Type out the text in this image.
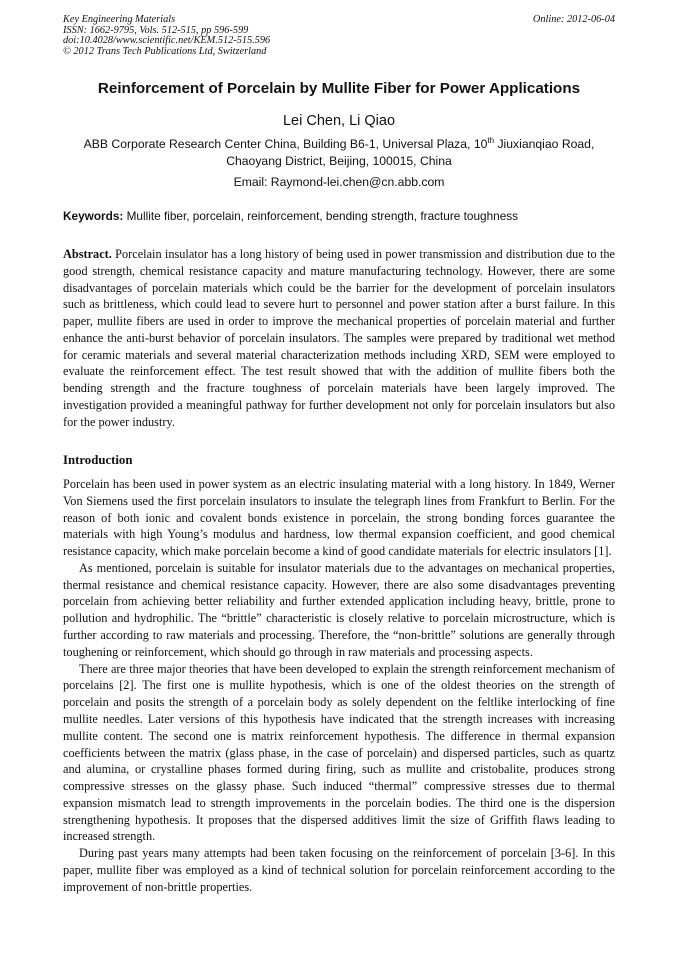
Key Engineering Materials
ISSN: 1662-9795, Vols. 512-515, pp 596-599
doi:10.4028/www.scientific.net/KEM.512-515.596
© 2012 Trans Tech Publications Ltd, Switzerland
Online: 2012-06-04
Reinforcement of Porcelain by Mullite Fiber for Power Applications
Lei Chen, Li Qiao
ABB Corporate Research Center China, Building B6-1, Universal Plaza, 10th Jiuxianqiao Road,
Chaoyang District, Beijing, 100015, China
Email: Raymond-lei.chen@cn.abb.com
Keywords: Mullite fiber, porcelain, reinforcement, bending strength, fracture toughness
Abstract. Porcelain insulator has a long history of being used in power transmission and distribution due to the good strength, chemical resistance capacity and mature manufacturing technology. However, there are some disadvantages of porcelain materials which could be the barrier for the development of porcelain insulators such as brittleness, which could lead to severe hurt to personnel and power station after a burst failure. In this paper, mullite fibers are used in order to improve the mechanical properties of porcelain material and further enhance the anti-burst behavior of porcelain insulators. The samples were prepared by traditional wet method for ceramic materials and several material characterization methods including XRD, SEM were employed to evaluate the reinforcement effect. The test result showed that with the addition of mullite fibers both the bending strength and the fracture toughness of porcelain materials have been largely improved. The investigation provided a meaningful pathway for further development not only for porcelain insulators but also for the power industry.
Introduction

Porcelain has been used in power system as an electric insulating material with a long history. In 1849, Werner Von Siemens used the first porcelain insulators to insulate the telegraph lines from Frankfurt to Berlin. For the reason of both ionic and covalent bonds existence in porcelain, the strong bonding forces guarantee the materials with high Young’s modulus and hardness, low thermal expansion coefficient, and good chemical resistance capacity, which make porcelain become a kind of good candidate materials for electric insulators [1].

As mentioned, porcelain is suitable for insulator materials due to the advantages on mechanical properties, thermal resistance and chemical resistance capacity. However, there are also some disadvantages preventing porcelain from achieving better reliability and further extended application including heavy, brittle, prone to pollution and hydrophilic. The “brittle” characteristic is closely relative to porcelain microstructure, which is further according to raw materials and processing. Therefore, the “non-brittle” solutions are generally through toughening or reinforcement, which should go through in raw materials and processing aspects.

There are three major theories that have been developed to explain the strength reinforcement mechanism of porcelains [2]. The first one is mullite hypothesis, which is one of the oldest theories on the strength of porcelain and posits the strength of a porcelain body as solely dependent on the feltlike interlocking of fine mullite needles. Later versions of this hypothesis have indicated that the strength increases with increasing mullite content. The second one is matrix reinforcement hypothesis. The difference in thermal expansion coefficients between the matrix (glass phase, in the case of porcelain) and dispersed particles, such as quartz and alumina, or crystalline phases formed during firing, such as mullite and cristobalite, produces strong compressive stresses on the glassy phase. Such induced “thermal” compressive stresses due to thermal expansion mismatch lead to strength improvements in the porcelain bodies. The third one is the dispersion strengthening hypothesis. It proposes that the dispersed additives limit the size of Griffith flaws leading to increased strength.

During past years many attempts had been taken focusing on the reinforcement of porcelain [3-6]. In this paper, mullite fiber was employed as a kind of technical solution for porcelain reinforcement according to the improvement of non-brittle properties.
